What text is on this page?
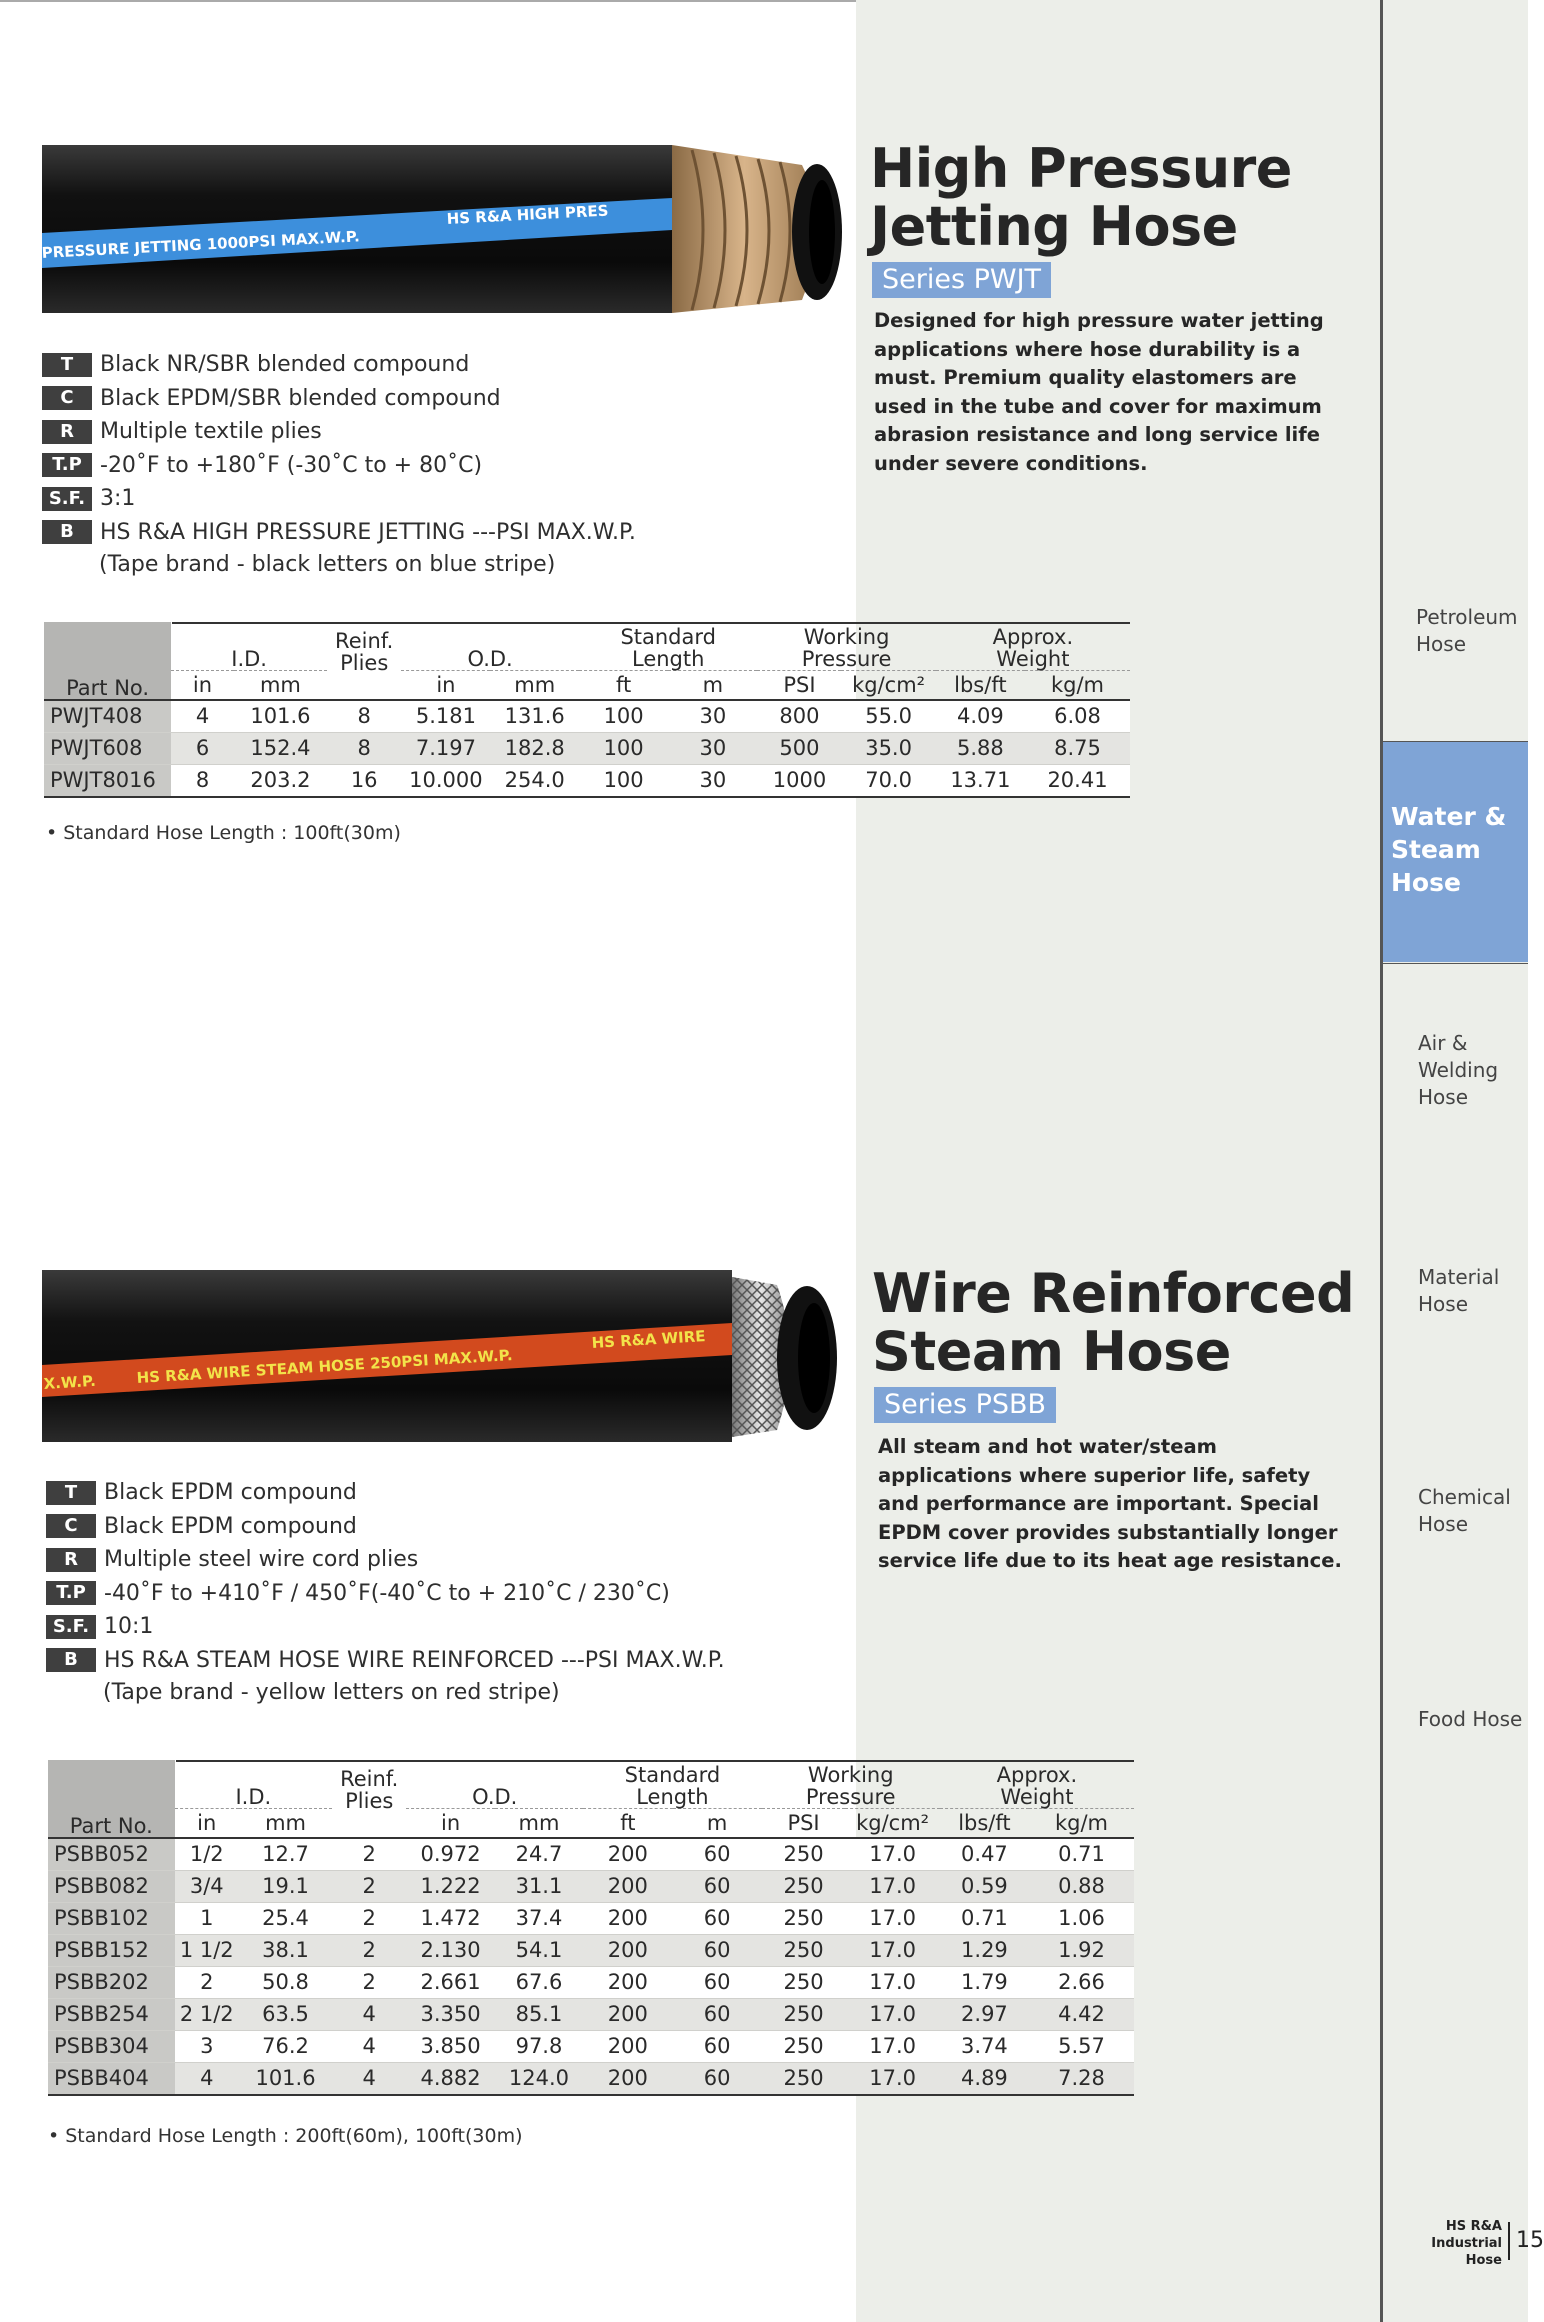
PRESSURE JETTING 1000PSI MAX.W.P.
HS R&A HIGH PRES
High Pressure
Jetting Hose
Series PWJT
Designed for high pressure water jetting applications where hose durability is a must. Premium quality elastomers are used in the tube and cover for maximum abrasion resistance and long service life under severe conditions.
T	Black NR/SBR blended compound
C	Black EPDM/SBR blended compound
R	Multiple textile plies
T.P -20˚F to +180˚F (-30˚C to + 80˚C)
S.F. 3:1
B	HS R&A HIGH PRESSURE JETTING ---PSI MAX.W.P.
(Tape brand - black letters on blue stripe)
Part No.	I.D.		Reinf. Plies	O.D.		Standard Length		Working Pressure		Approx. Weight	
	in	mm		in	mm	ft	m	PSI	kg/cm²	lbs/ft	kg/m
PWJT408	4	101.6	8	5.181	131.6	100	30	800	55.0	4.09	6.08
PWJT608	6	152.4	8	7.197	182.8	100	30	500	35.0	5.88	8.75
PWJT8016	8	203.2	16	10.000	254.0	100	30	1000	70.0	13.71	20.41
• Standard Hose Length : 100ft(30m)
X.W.P.	HS R&A WIRE STEAM HOSE 250PSI MAX.W.P.
HS R&A WIRE
Wire Reinforced
Steam Hose
Series PSBB
All steam and hot water/steam applications where superior life, safety and performance are important. Special EPDM cover provides substantially longer service life due to its heat age resistance.
T	Black EPDM compound
C	Black EPDM compound
R	Multiple steel wire cord plies
T.P -40˚F to +410˚F / 450˚F(-40˚C to + 210˚C / 230˚C)
S.F. 10:1
B	HS R&A STEAM HOSE WIRE REINFORCED ---PSI MAX.W.P.
(Tape brand - yellow letters on red stripe)
Part No.	I.D.		Reinf. Plies	O.D.		Standard Length		Working Pressure		Approx. Weight	
	in	mm		in	mm	ft	m	PSI	kg/cm²	lbs/ft	kg/m
PSBB052	1/2	12.7	2	0.972	24.7	200	60	250	17.0	0.47	0.71
PSBB082	3/4	19.1	2	1.222	31.1	200	60	250	17.0	0.59	0.88
PSBB102	1	25.4	2	1.472	37.4	200	60	250	17.0	0.71	1.06
PSBB152	1 1/2	38.1	2	2.130	54.1	200	60	250	17.0	1.29	1.92
PSBB202	2	50.8	2	2.661	67.6	200	60	250	17.0	1.79	2.66
PSBB254	2 1/2	63.5	4	3.350	85.1	200	60	250	17.0	2.97	4.42
PSBB304	3	76.2	4	3.850	97.8	200	60	250	17.0	3.74	5.57
PSBB404	4	101.6	4	4.882	124.0	200	60	250	17.0	4.89	7.28
• Standard Hose Length : 200ft(60m), 100ft(30m)
Petroleum Hose
Water & Steam Hose
Air & Welding Hose
Material Hose
Chemical Hose
Food Hose
HS R&A
Industrial
Hose
15
